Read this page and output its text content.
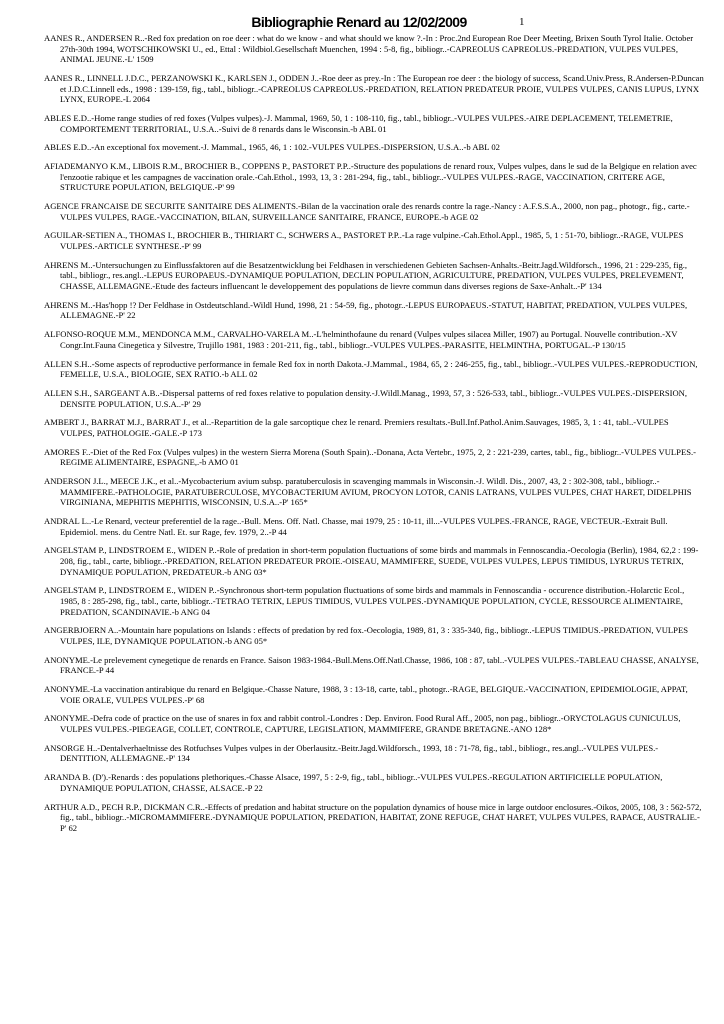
Bibliographie Renard au 12/02/2009	1

AANES R., ANDERSEN R..-Red fox predation on roe deer : what do we know - and what should we know ?.-In : Proc.2nd European Roe Deer Meeting, Brixen South Tyrol Italie. October 27th-30th 1994, WOTSCHIKOWSKI U., ed., Ettal : Wildbiol.Gesellschaft Muenchen, 1994 : 5-8, fig., bibliogr..-CAPREOLUS CAPREOLUS.-PREDATION, VULPES VULPES, ANIMAL JEUNE.-L' 1509

AANES R., LINNELL J.D.C., PERZANOWSKI K., KARLSEN J., ODDEN J..-Roe deer as prey.-In : The European roe deer : the biology of success, Scand.Univ.Press, R.Andersen-P.Duncan et J.D.C.Linnell eds., 1998 : 139-159, fig., tabl., bibliogr..-CAPREOLUS CAPREOLUS.-PREDATION, RELATION PREDATEUR PROIE, VULPES VULPES, CANIS LUPUS, LYNX LYNX, EUROPE.-L 2064

ABLES E.D..-Home range studies of red foxes (Vulpes vulpes).-J. Mammal, 1969, 50, 1 : 108-110, fig., tabl., bibliogr..-VULPES VULPES.-AIRE DEPLACEMENT, TELEMETRIE, COMPORTEMENT TERRITORIAL, U.S.A..-Suivi de 8 renards dans le Wisconsin.-b ABL 01

ABLES E.D..-An exceptional fox movement.-J. Mammal., 1965, 46, 1 : 102.-VULPES VULPES.-DISPERSION, U.S.A..-b ABL 02

AFIADEMANYO K.M., LIBOIS R.M., BROCHIER B., COPPENS P., PASTORET P.P..-Structure des populations de renard roux, Vulpes vulpes, dans le sud de la Belgique en relation avec l'enzootie rabique et les campagnes de vaccination orale.-Cah.Ethol., 1993, 13, 3 : 281-294, fig., tabl., bibliogr..-VULPES VULPES.-RAGE, VACCINATION, CRITERE AGE, STRUCTURE POPULATION, BELGIQUE.-P' 99

AGENCE FRANCAISE DE SECURITE SANITAIRE DES ALIMENTS.-Bilan de la vaccination orale des renards contre la rage.-Nancy : A.F.S.S.A., 2000, non pag., photogr., fig., carte.-VULPES VULPES, RAGE.-VACCINATION, BILAN, SURVEILLANCE SANITAIRE, FRANCE, EUROPE.-b AGE 02

AGUILAR-SETIEN A., THOMAS I., BROCHIER B., THIRIART C., SCHWERS A., PASTORET P.P..-La rage vulpine.-Cah.Ethol.Appl., 1985, 5, 1 : 51-70, bibliogr..-RAGE, VULPES VULPES.-ARTICLE SYNTHESE.-P' 99

AHRENS M..-Untersuchungen zu Einflussfaktoren auf die Besatzentwicklung bei Feldhasen in verschiedenen Gebieten Sachsen-Anhalts.-Beitr.Jagd.Wildforsch., 1996, 21 : 229-235, fig., tabl., bibliogr., res.angl..-LEPUS EUROPAEUS.-DYNAMIQUE POPULATION, DECLIN POPULATION, AGRICULTURE, PREDATION, VULPES VULPES, PRELEVEMENT, CHASSE, ALLEMAGNE.-Etude des facteurs influencant le developpement des populations de lievre commun dans diverses regions de Saxe-Anhalt..-P' 134

AHRENS M..-Has'hopp !? Der Feldhase in Ostdeutschland.-Wildl Hund, 1998, 21 : 54-59, fig., photogr..-LEPUS EUROPAEUS.-STATUT, HABITAT, PREDATION, VULPES VULPES, ALLEMAGNE.-P' 22

ALFONSO-ROQUE M.M., MENDONCA M.M., CARVALHO-VARELA M..-L'helminthofaune du renard (Vulpes vulpes silacea Miller, 1907) au Portugal. Nouvelle contribution.-XV Congr.Int.Fauna Cinegetica y Silvestre, Trujillo 1981, 1983 : 201-211, fig., tabl., bibliogr..-VULPES VULPES.-PARASITE, HELMINTHA, PORTUGAL.-P 130/15

ALLEN S.H..-Some aspects of reproductive performance in female Red fox in north Dakota.-J.Mammal., 1984, 65, 2 : 246-255, fig., tabl., bibliogr..-VULPES VULPES.-REPRODUCTION, FEMELLE, U.S.A., BIOLOGIE, SEX RATIO.-b ALL 02

ALLEN S.H., SARGEANT A.B..-Dispersal patterns of red foxes relative to population density.-J.Wildl.Manag., 1993, 57, 3 : 526-533, tabl., bibliogr..-VULPES VULPES.-DISPERSION, DENSITE POPULATION, U.S.A..-P' 29

AMBERT J., BARRAT M.J., BARRAT J., et al..-Repartition de la gale sarcoptique chez le renard. Premiers resultats.-Bull.Inf.Pathol.Anim.Sauvages, 1985, 3, 1 : 41, tabl..-VULPES VULPES, PATHOLOGIE.-GALE.-P 173

AMORES F..-Diet of the Red Fox (Vulpes vulpes) in the western Sierra Morena (South Spain)..-Donana, Acta Vertebr., 1975, 2, 2 : 221-239, cartes, tabl., fig., bibliogr..-VULPES VULPES.-REGIME ALIMENTAIRE, ESPAGNE,.-b AMO 01

ANDERSON J.L., MEECE J.K., et al..-Mycobacterium avium subsp. paratuberculosis in scavenging mammals in Wisconsin.-J. Wildl. Dis., 2007, 43, 2 : 302-308, tabl., bibliogr..-MAMMIFERE.-PATHOLOGIE, PARATUBERCULOSE, MYCOBACTERIUM AVIUM, PROCYON LOTOR, CANIS LATRANS, VULPES VULPES, CHAT HARET, DIDELPHIS VIRGINIANA, MEPHITIS MEPHITIS, WISCONSIN, U.S.A..-P' 165*

ANDRAL L..-Le Renard, vecteur preferentiel de la rage..-Bull. Mens. Off. Natl. Chasse, mai 1979, 25 : 10-11, ill...-VULPES VULPES.-FRANCE, RAGE, VECTEUR.-Extrait Bull. Epidemiol. mens. du Centre Natl. Et. sur Rage, fev. 1979, 2..-P 44

ANGELSTAM P., LINDSTROEM E., WIDEN P..-Role of predation in short-term population fluctuations of some birds and mammals in Fennoscandia.-Oecologia (Berlin), 1984, 62,2 : 199-208, fig., tabl., carte, bibliogr..-PREDATION, RELATION PREDATEUR PROIE.-OISEAU, MAMMIFERE, SUEDE, VULPES VULPES, LEPUS TIMIDUS, LYRURUS TETRIX, DYNAMIQUE POPULATION, PREDATEUR.-b ANG 03*

ANGELSTAM P., LINDSTROEM E., WIDEN P..-Synchronous short-term population fluctuations of some birds and mammals in Fennoscandia - occurence distribution.-Holarctic Ecol., 1985, 8 : 285-298, fig., tabl., carte, bibliogr..-TETRAO TETRIX, LEPUS TIMIDUS, VULPES VULPES.-DYNAMIQUE POPULATION, CYCLE, RESSOURCE ALIMENTAIRE, PREDATION, SCANDINAVIE.-b ANG 04

ANGERBJOERN A..-Mountain hare populations on Islands : effects of predation by red fox.-Oecologia, 1989, 81, 3 : 335-340, fig., bibliogr..-LEPUS TIMIDUS.-PREDATION, VULPES VULPES, ILE, DYNAMIQUE POPULATION.-b ANG 05*

ANONYME.-Le prelevement cynegetique de renards en France. Saison 1983-1984.-Bull.Mens.Off.Natl.Chasse, 1986, 108 : 87, tabl..-VULPES VULPES.-TABLEAU CHASSE, ANALYSE, FRANCE.-P 44

ANONYME.-La vaccination antirabique du renard en Belgique.-Chasse Nature, 1988, 3 : 13-18, carte, tabl., photogr..-RAGE, BELGIQUE.-VACCINATION, EPIDEMIOLOGIE, APPAT, VOIE ORALE, VULPES VULPES.-P' 68

ANONYME.-Defra code of practice on the use of snares in fox and rabbit control.-Londres : Dep. Environ. Food Rural Aff., 2005, non pag., bibliogr..-ORYCTOLAGUS CUNICULUS, VULPES VULPES.-PIEGEAGE, COLLET, CONTROLE, CAPTURE, LEGISLATION, MAMMIFERE, GRANDE BRETAGNE.-ANO 128*

ANSORGE H..-Dentalverhaeltnisse des Rotfuchses Vulpes vulpes in der Oberlausitz.-Beitr.Jagd.Wildforsch., 1993, 18 : 71-78, fig., tabl., bibliogr., res.angl..-VULPES VULPES.-DENTITION, ALLEMAGNE.-P' 134

ARANDA B. (D').-Renards : des populations plethoriques.-Chasse Alsace, 1997, 5 : 2-9, fig., tabl., bibliogr..-VULPES VULPES.-REGULATION ARTIFICIELLE POPULATION, DYNAMIQUE POPULATION, CHASSE, ALSACE.-P 22

ARTHUR A.D., PECH R.P., DICKMAN C.R..-Effects of predation and habitat structure on the population dynamics of house mice in large outdoor enclosures.-Oikos, 2005, 108, 3 : 562-572, fig., tabl., bibliogr..-MICROMAMMIFERE.-DYNAMIQUE POPULATION, PREDATION, HABITAT, ZONE REFUGE, CHAT HARET, VULPES VULPES, RAPACE, AUSTRALIE.-P' 62
